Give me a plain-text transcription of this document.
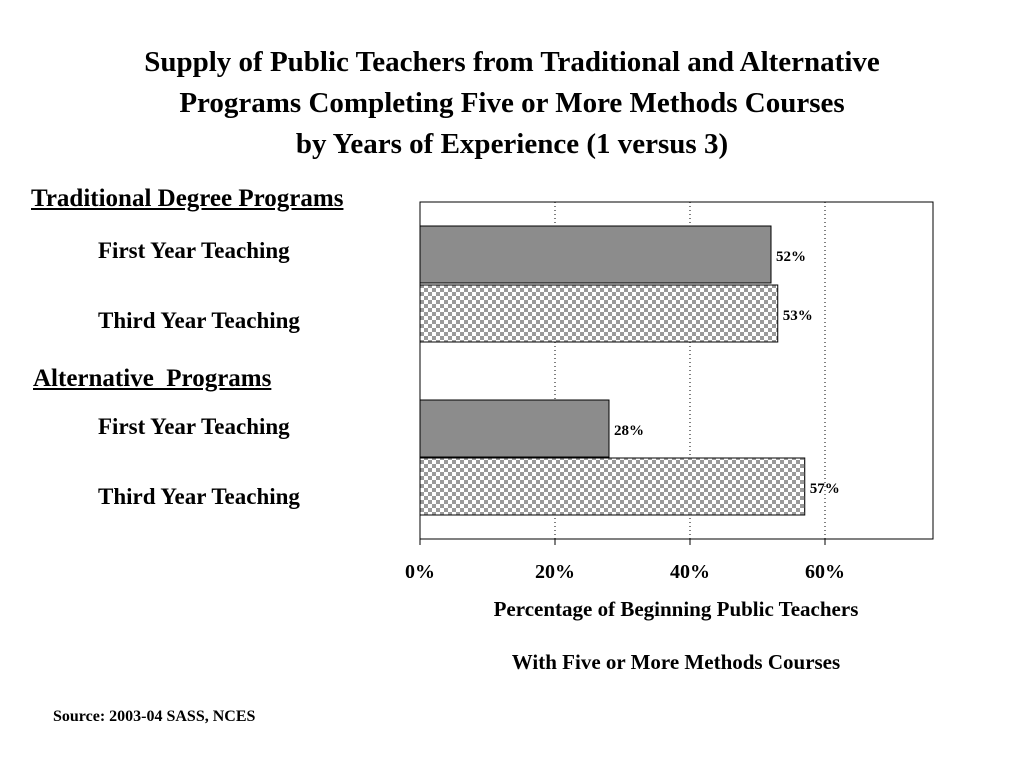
Supply of Public Teachers from Traditional and Alternative
Programs Completing Five or More Methods Courses
by Years of Experience (1 versus 3)
Traditional Degree Programs
First Year Teaching
Third Year Teaching
Alternative  Programs
First Year Teaching
Third Year Teaching
52%
53%
28%
57%
0%	20%	40%	60%
Percentage of Beginning Public Teachers
With Five or More Methods Courses
Source: 2003-04 SASS, NCES
